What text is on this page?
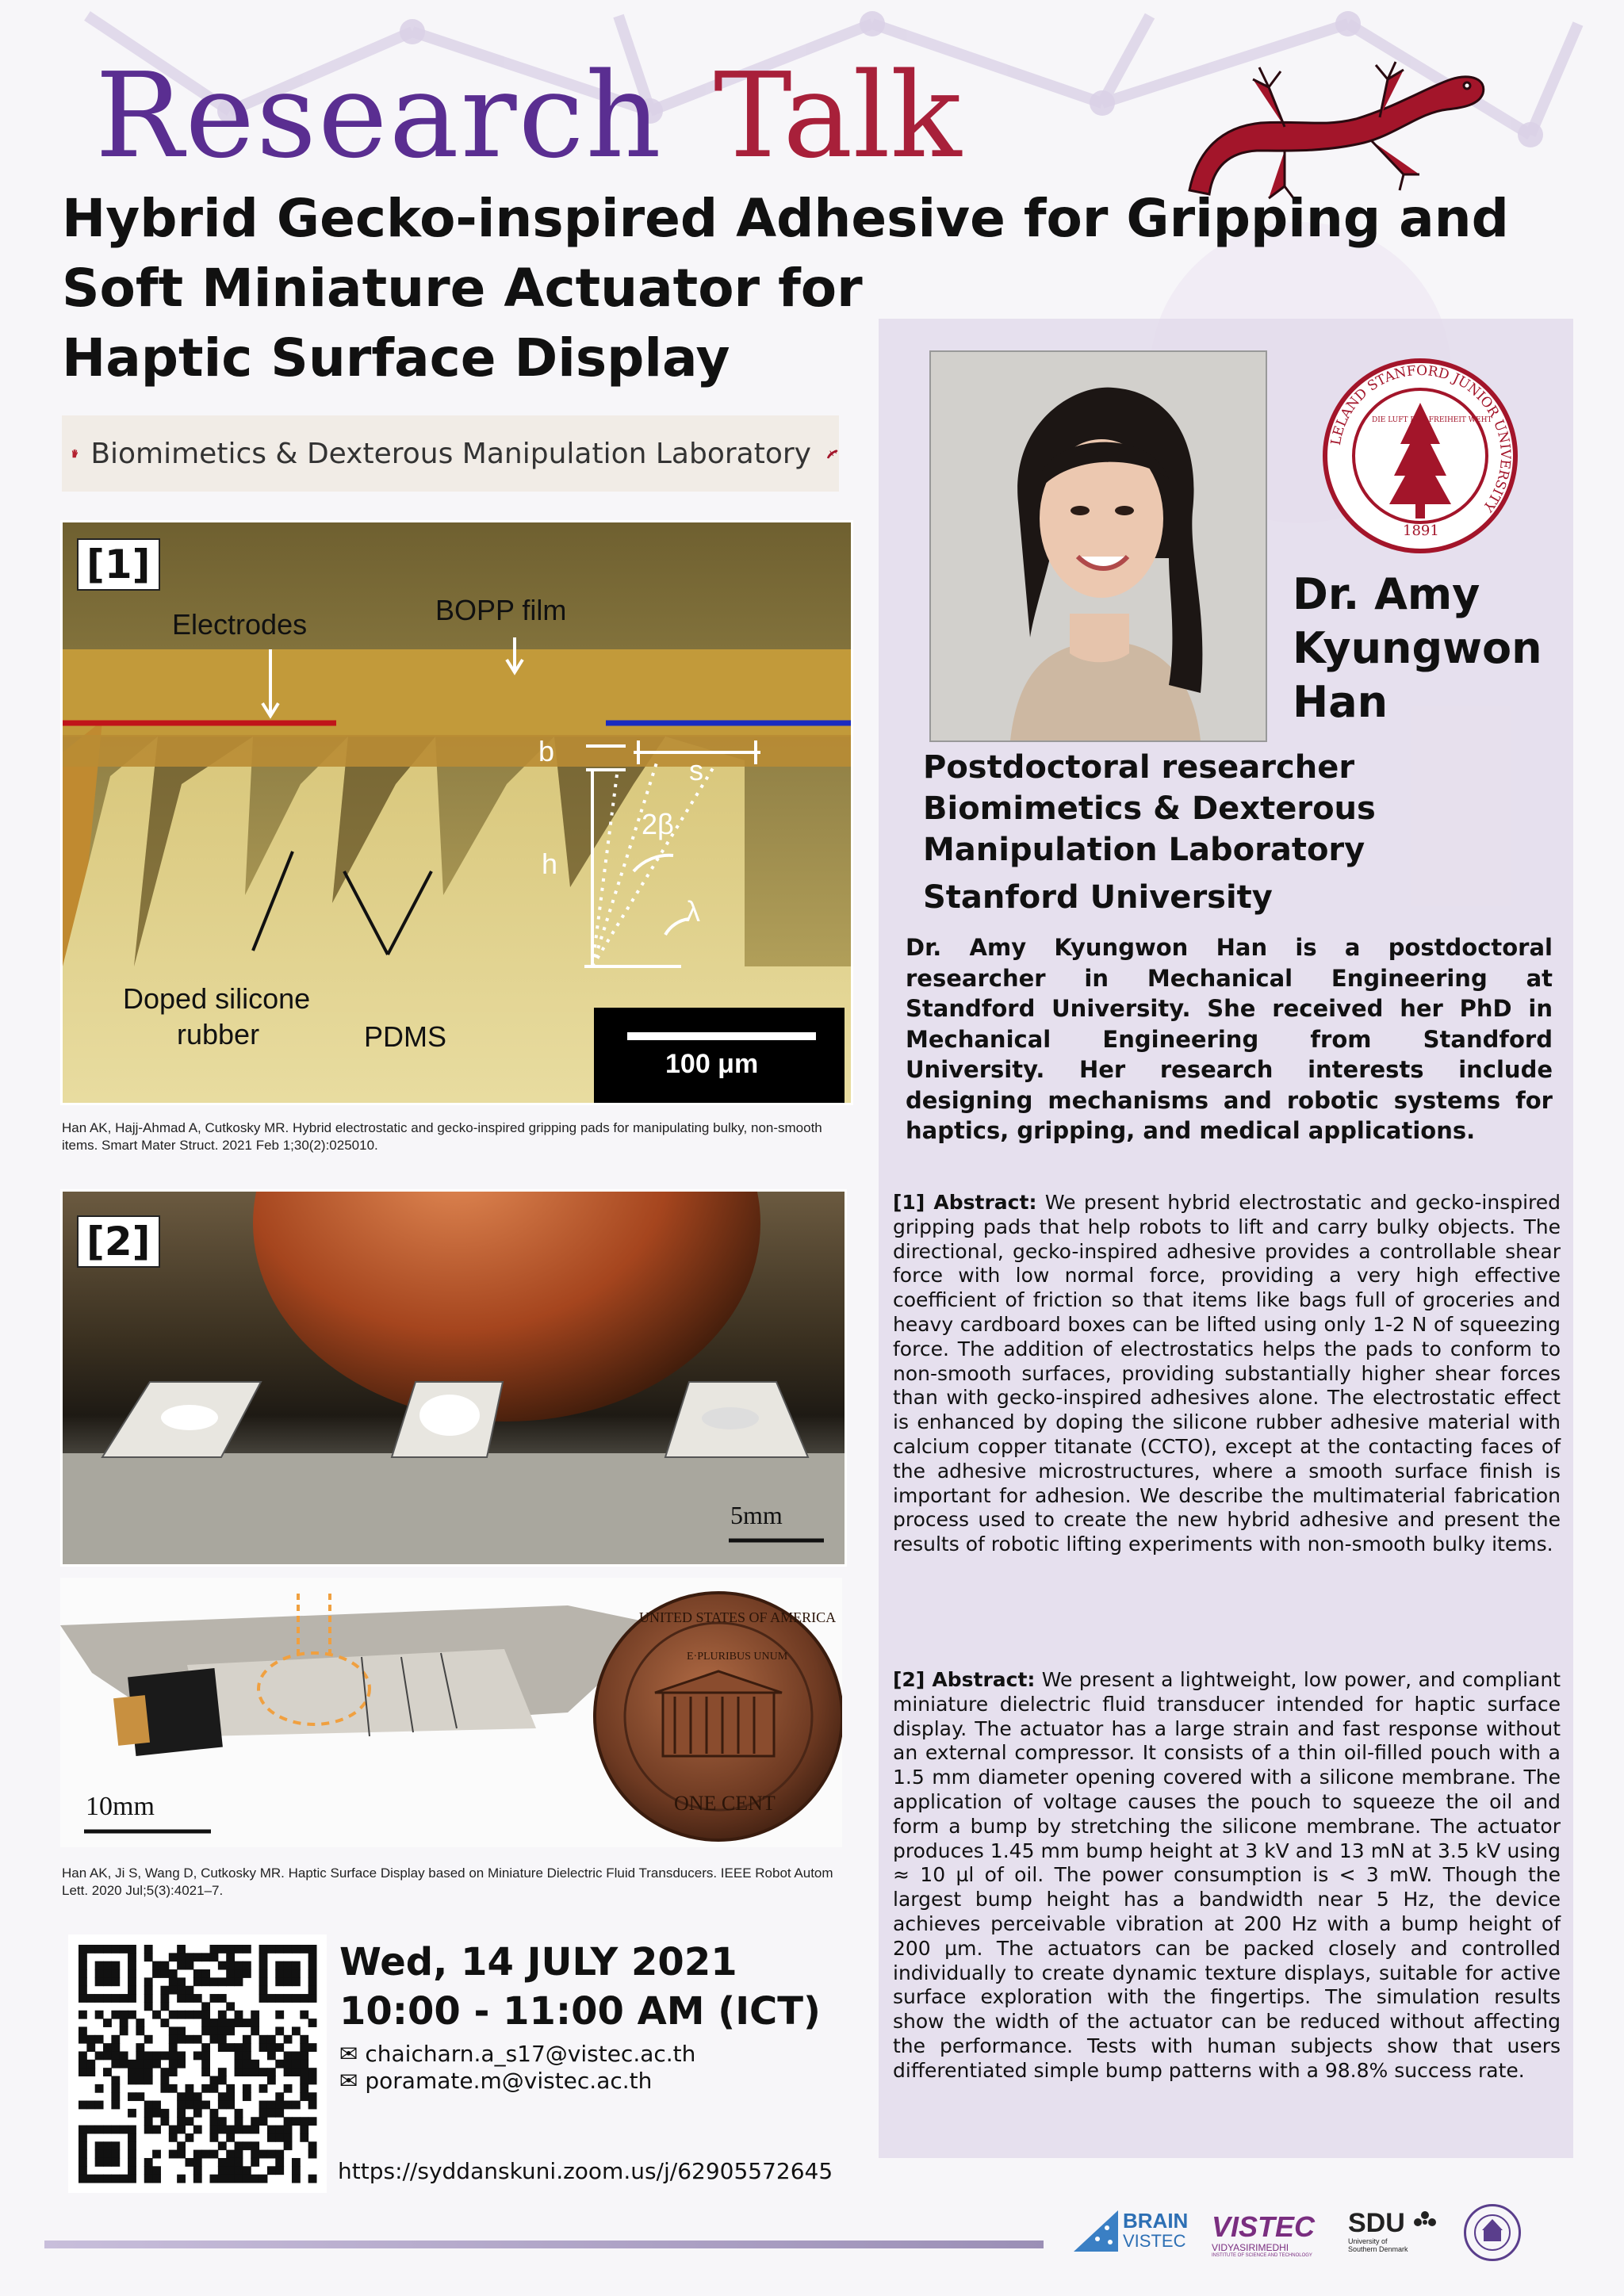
Research Talk
Hybrid Gecko-inspired Adhesive for Gripping and
Soft Miniature Actuator for
Haptic Surface Display
Biomimetics & Dexterous Manipulation Laboratory
[1]
Electrodes	BOPP film
b
s
h
2β
λ
Doped silicone
rubber	PDMS
100 μm
Han AK, Hajj-Ahmad A, Cutkosky MR. Hybrid electrostatic and gecko-inspired gripping pads for manipulating bulky, non-smooth items. Smart Mater Struct. 2021 Feb 1;30(2):025010.
[2]
5mm
10mm
UNITED STATES OF AMERICA
E·PLURIBUS UNUM
ONE CENT
Han AK, Ji S, Wang D, Cutkosky MR. Haptic Surface Display based on Miniature Dielectric Fluid Transducers. IEEE Robot Autom Lett. 2020 Jul;5(3):4021–7.
LELAND STANFORD JUNIOR UNIVERSITY
1891
DIE LUFT DER FREIHEIT WEHT
Dr. Amy
Kyungwon
Han
Postdoctoral researcher
Biomimetics & Dexterous
Manipulation Laboratory
Stanford University
Dr. Amy Kyungwon Han is a postdoctoral researcher in Mechanical Engineering at Standford University. She received her PhD in Mechanical Engineering from Standford University. Her research interests include designing mechanisms and robotic systems for haptics, gripping, and medical applications.
[1] Abstract: We present hybrid electrostatic and gecko-inspired gripping pads that help robots to lift and carry bulky objects. The directional, gecko-inspired adhesive provides a controllable shear force with low normal force, providing a very high effective coefficient of friction so that items like bags full of groceries and heavy cardboard boxes can be lifted using only 1-2 N of squeezing force. The addition of electrostatics helps the pads to conform to non-smooth surfaces, providing substantially higher shear forces than with gecko-inspired adhesives alone. The electrostatic effect is enhanced by doping the silicone rubber adhesive material with calcium copper titanate (CCTO), except at the contacting faces of the adhesive microstructures, where a smooth surface finish is important for adhesion. We describe the multimaterial fabrication process used to create the new hybrid adhesive and present the results of robotic lifting experiments with non-smooth bulky items.
[2] Abstract: We present a lightweight, low power, and compliant miniature dielectric fluid transducer intended for haptic surface display. The actuator has a large strain and fast response without an external compressor. It consists of a thin oil-filled pouch with a 1.5 mm diameter opening covered with a silicone membrane. The application of voltage causes the pouch to squeeze the oil and form a bump by stretching the silicone membrane. The actuator produces 1.45 mm bump height at 3 kV and 13 mN at 3.5 kV using ≈ 10 µl of oil. The power consumption is < 3 mW. Though the largest bump height has a bandwidth near 5 Hz, the device achieves perceivable vibration at 200 Hz with a bump height of 200 µm. The actuators can be packed closely and controlled individually to create dynamic texture displays, suitable for active surface exploration with the fingertips. The simulation results show the width of the actuator can be reduced without affecting the performance. Tests with human subjects show that users differentiated simple bump patterns with a 98.8% success rate.
Wed, 14 JULY 2021
10:00 - 11:00 AM (ICT)
✉ chaicharn.a_s17@vistec.ac.th
✉ poramate.m@vistec.ac.th
https://syddanskuni.zoom.us/j/62905572645
BRAIN
VISTEC VISTEC
VIDYASIRIMEDHI
INSTITUTE OF SCIENCE AND TECHNOLOGY
SDU
University of
Southern Denmark
